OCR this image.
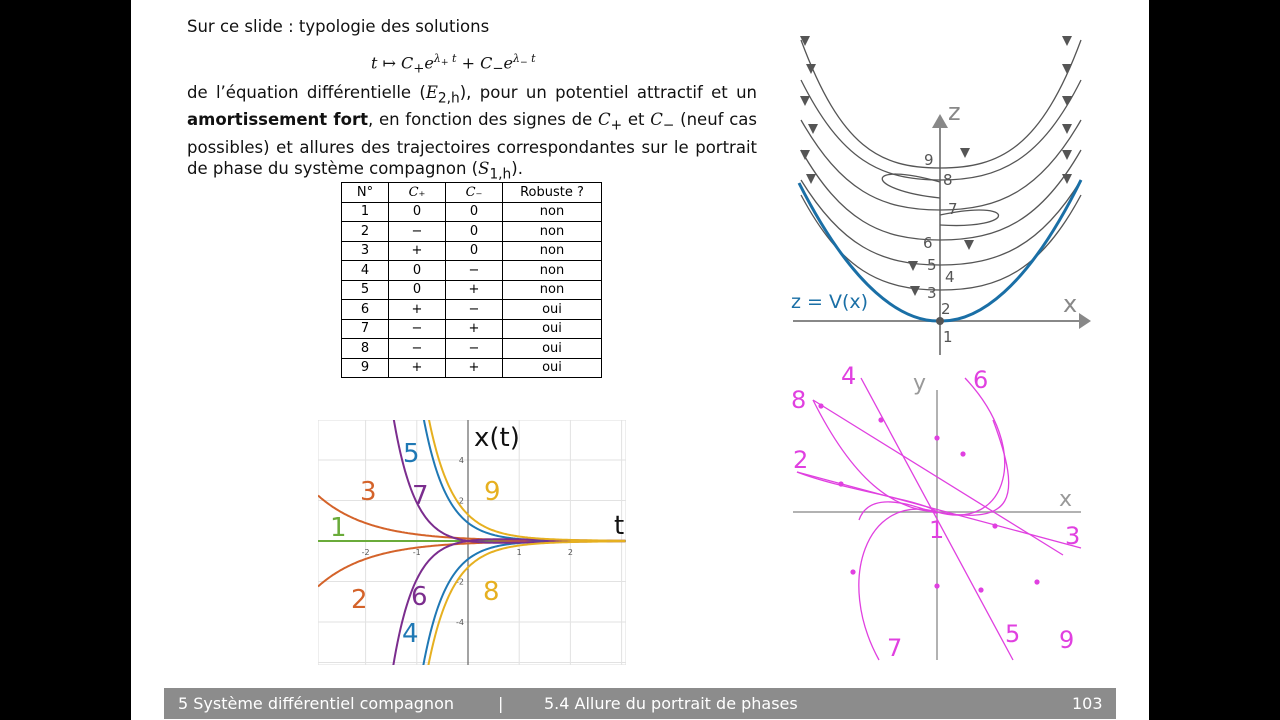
Sur ce slide : typologie des solutions
t ↦ $C_+e^{\lambda_+ t} + C_-e^{\lambda_- t}$
de l’équation différentielle $(E_{2,h})$, pour un potentiel attractif et un amortissement fort, en fonction des signes de $C_+$ et $C_-$ (neuf cas possibles) et allures des trajectoires correspondantes sur le portrait de phase du système compagnon $(S_{1,h})$.
N°	C₊	C₋	Robuste ?
1	0	0	non
2	−	0	non
3	+	0	non
4	0	−	non
5	0	+	non
6	+	−	oui
7	−	+	oui
8	−	−	oui
9	+	+	oui
-2	-1	1	2
4
2
-2
-4
x(t)
t
1
2
3
4
5
6
7
8
9
z
x
z = V(x)
9
8
7
6
5
4
3
2
1
y
x
1
8
4	6
2
3
7	5 9
5 Système différentiel compagnon	|	5.4 Allure du portrait de phases	103
